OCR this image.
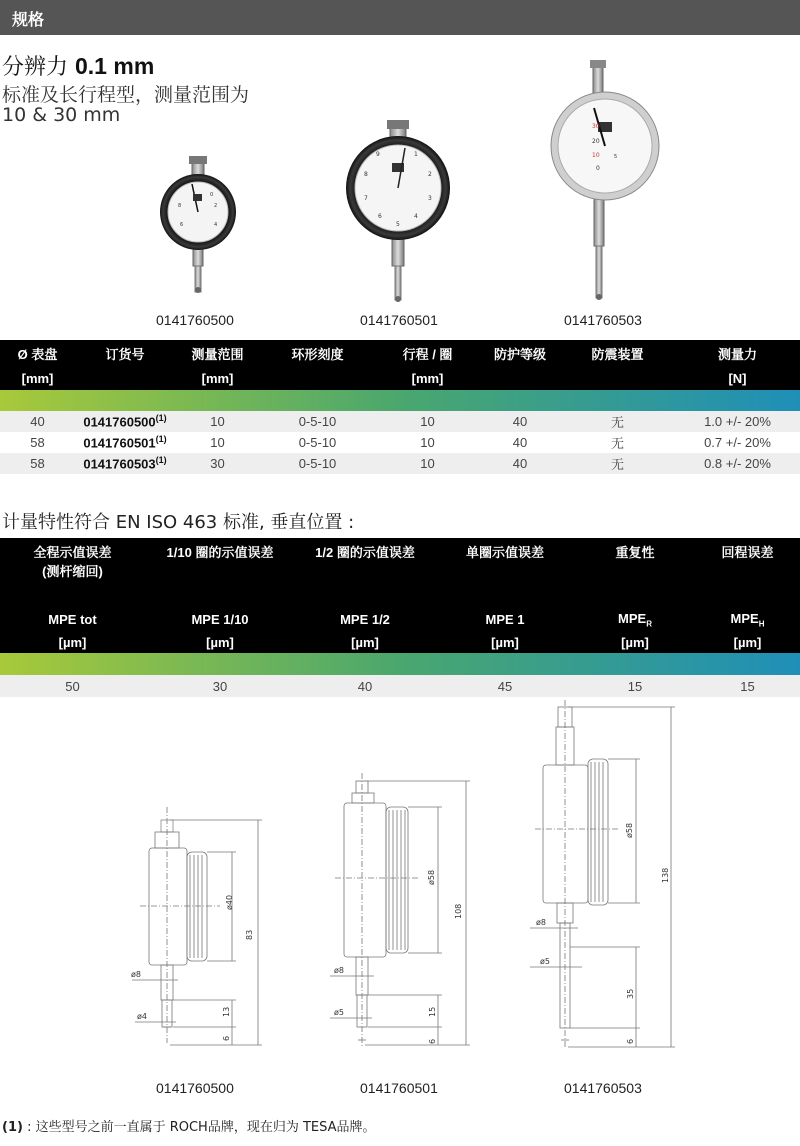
规格
分辨力 0.1 mm
标准及长行程型，测量范围为
10 & 30 mm
0
2
4
6
8
1
2
3
4
5
6
7
8
9
30
20
10
0
5
0141760500	0141760501	0141760503
Ø 表盘	订货号	测量范围	环形刻度	行程 / 圈	防护等级	防震装置	测量力
[mm]		[mm]		[mm]			[N]

40	0141760500$^{(1)}$	10	0-5-10	10	40	无	1.0 +/- 20%
58	0141760501$^{(1)}$	10	0-5-10	10	40	无	0.7 +/- 20%
58	0141760503$^{(1)}$	30	0-5-10	10	40	无	0.8 +/- 20%
计量特性符合 EN ISO 463 标准, 垂直位置 :
全程示值误差
(测杆缩回)	1/10 圈的示值误差	1/2 圈的示值误差	单圈示值误差	重复性	回程误差
MPE tot	MPE 1/10	MPE 1/2	MPE 1	$MPE_R$	$MPE_H$
[µm]	[µm]	[µm]	[µm]	[µm]	[µm]

50	30	40	45	15	15
ø40
83
ø8
ø4	13
6
ø58
108
ø8
ø5	15
6
ø58
138
ø8
ø5
35
6
0141760500	0141760501	0141760503
(1) : 这些型号之前一直属于 ROCH品牌，现在归为 TESA品牌。
